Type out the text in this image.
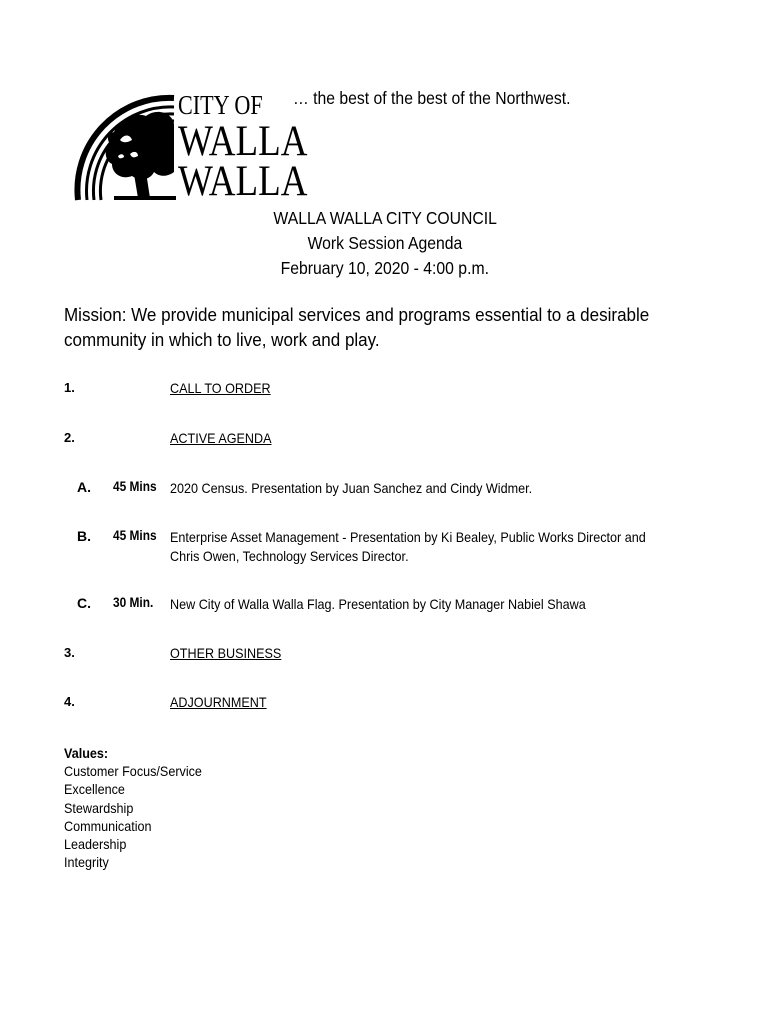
CITY OF
WALLA
WALLA
… the best of the best of the Northwest.
WALLA WALLA CITY COUNCIL
Work Session Agenda
February 10, 2020 - 4:00 p.m.
Mission: We provide municipal services and programs essential to a desirable community in which to live, work and play.
1.	CALL TO ORDER
2.	ACTIVE AGENDA
A. 45 Mins 2020 Census. Presentation by Juan Sanchez and Cindy Widmer.
B. 45 Mins Enterprise Asset Management - Presentation by Ki Bealey, Public Works Director and Chris Owen, Technology Services Director.
C. 30 Min. New City of Walla Walla Flag. Presentation by City Manager Nabiel Shawa
3.	OTHER BUSINESS
4.	ADJOURNMENT
Values:
Customer Focus/Service
Excellence
Stewardship
Communication
Leadership
Integrity
